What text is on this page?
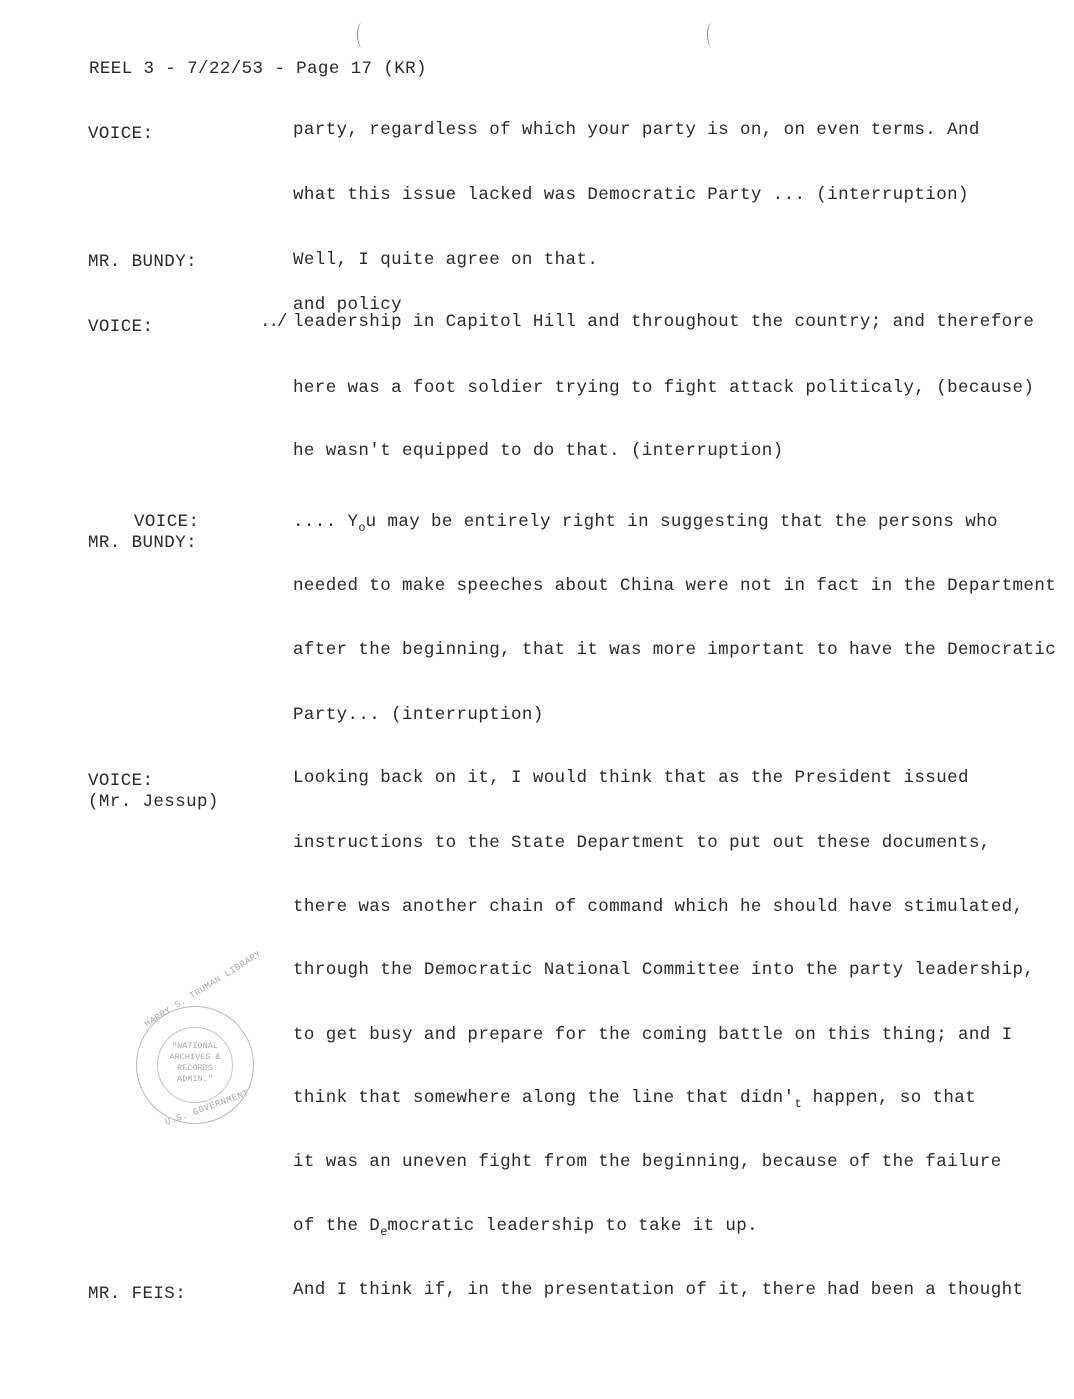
REEL 3 - 7/22/53 - Page 17 (KR)
VOICE:
MR. BUNDY:
VOICE:
VOICE:
MR. BUNDY:
VOICE:
(Mr. Jessup)
MR. FEIS:
party, regardless of which your party is on, on even terms. And
what this issue lacked was Democratic Party ... (interruption)
Well, I quite agree on that.
and policy
../ leadership in Capitol Hill and throughout the country; and therefore
here was a foot soldier trying to fight attack politicaly, (because)
he wasn't equipped to do that. (interruption)
.... $Y_ou$ may be entirely right in suggesting that the persons who
needed to make speeches about China were not in fact in the Department
after the beginning, that it was more important to have the Democratic
Party... (interruption)
Looking back on it, I would think that as the President issued
instructions to the State Department to put out these documents,
there was another chain of command which he should have stimulated,
through the Democratic National Committee into the party leadership,
to get busy and prepare for the coming battle on this thing; and I
think that somewhere along the line that $didn'_t$ happen, so that
it was an uneven fight from the beginning, because of the failure
of the $D_emocratic$ leadership to take it up.
And I think if, in the presentation of it, there had been a thought
HARRY S. TRUMAN LIBRARY
"NATIONAL
ARCHIVES &
RECORDS
ADMIN."
U.S. GOVERNMENT
